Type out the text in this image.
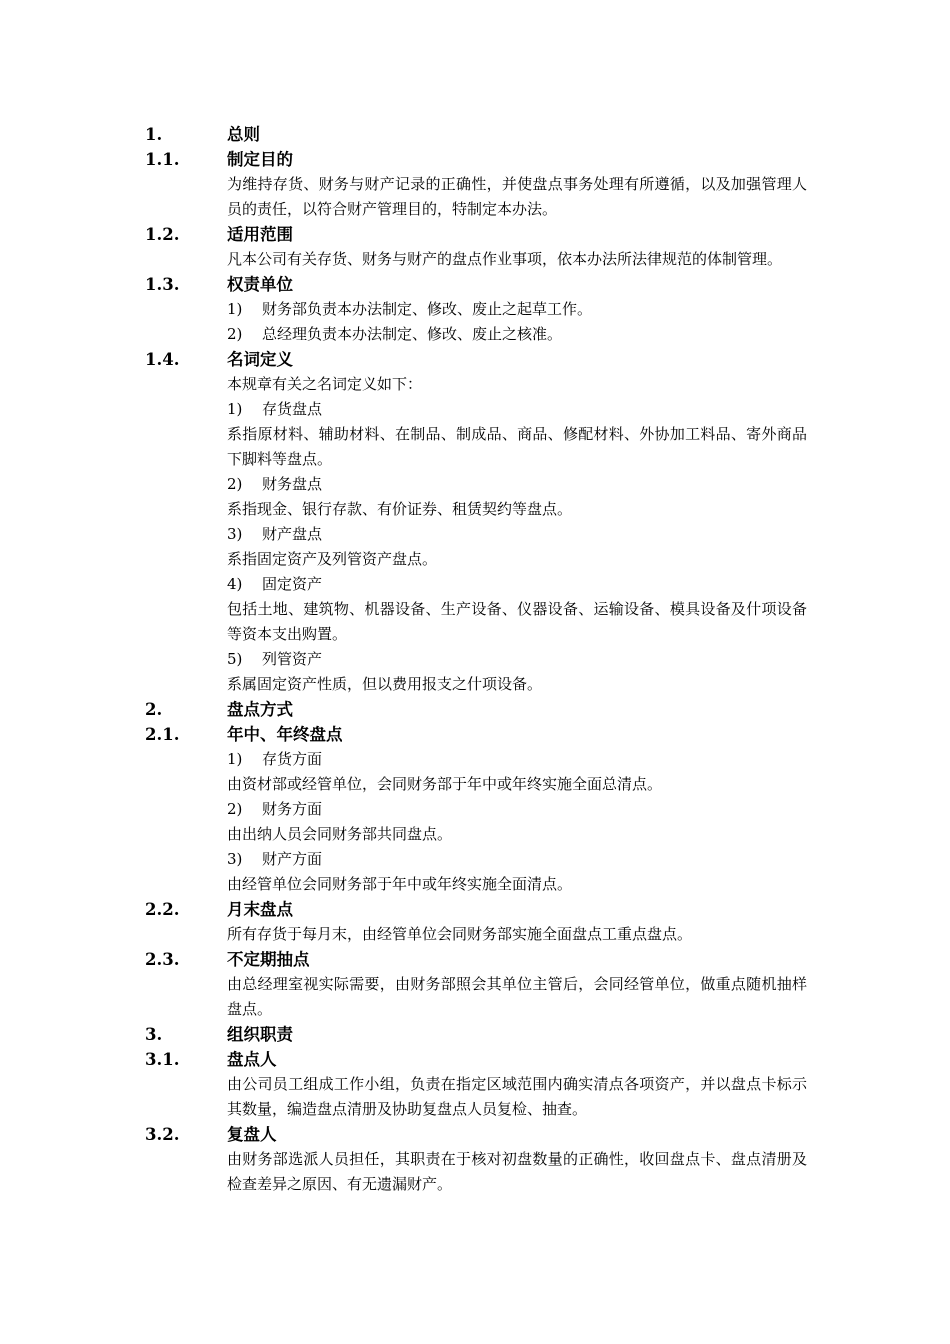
1.	总则
1.1.	制定目的
为维持存货、财务与财产记录的正确性，并使盘点事务处理有所遵循，以及加强管理人员的责任，以符合财产管理目的，特制定本办法。
1.2.	适用范围
凡本公司有关存货、财务与财产的盘点作业事项，依本办法所法律规范的体制管理。
1.3.	权责单位
1) 财务部负责本办法制定、修改、废止之起草工作。
2) 总经理负责本办法制定、修改、废止之核准。
1.4.	名词定义
本规章有关之名词定义如下：
1) 存货盘点
系指原材料、辅助材料、在制品、制成品、商品、修配材料、外协加工料品、寄外商品下脚料等盘点。
2) 财务盘点
系指现金、银行存款、有价证券、租赁契约等盘点。
3) 财产盘点
系指固定资产及列管资产盘点。
4) 固定资产
包括土地、建筑物、机器设备、生产设备、仪器设备、运输设备、模具设备及什项设备等资本支出购置。
5) 列管资产
系属固定资产性质，但以费用报支之什项设备。
2.	盘点方式
2.1.	年中、年终盘点
1) 存货方面
由资材部或经管单位，会同财务部于年中或年终实施全面总清点。
2) 财务方面
由出纳人员会同财务部共同盘点。
3) 财产方面
由经管单位会同财务部于年中或年终实施全面清点。
2.2.	月末盘点
所有存货于每月末，由经管单位会同财务部实施全面盘点工重点盘点。
2.3.	不定期抽点
由总经理室视实际需要，由财务部照会其单位主管后，会同经管单位，做重点随机抽样盘点。
3.	组织职责
3.1.	盘点人
由公司员工组成工作小组，负责在指定区域范围内确实清点各项资产，并以盘点卡标示其数量，编造盘点清册及协助复盘点人员复检、抽查。
3.2.	复盘人
由财务部选派人员担任，其职责在于核对初盘数量的正确性，收回盘点卡、盘点清册及检查差异之原因、有无遗漏财产。
